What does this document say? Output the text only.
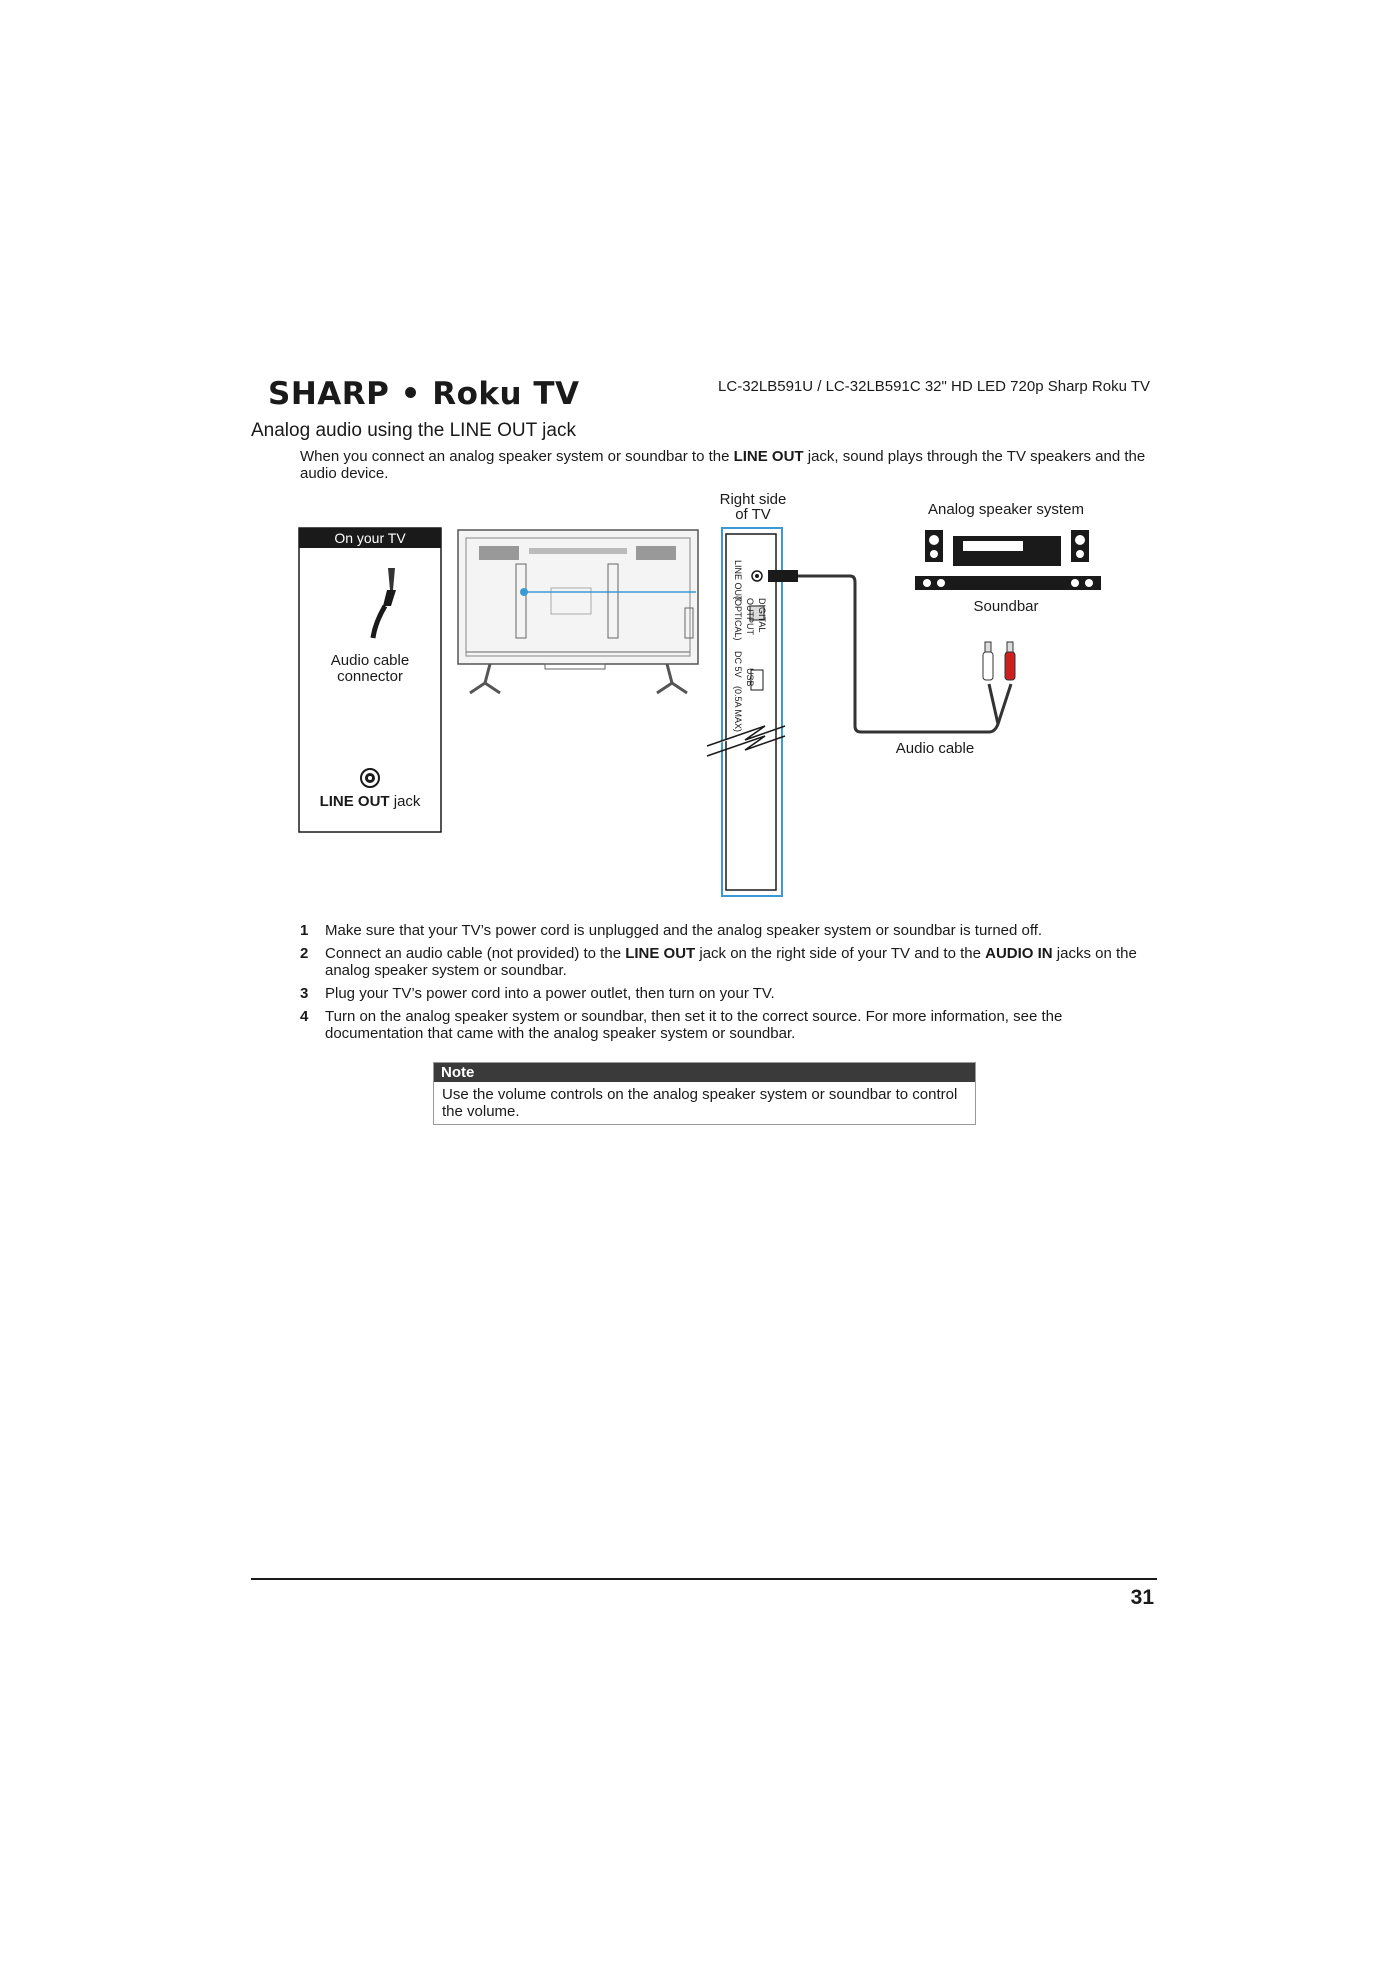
SHARP • Roku TV	LC-32LB591U / LC-32LB591C 32" HD LED 720p Sharp Roku TV
Analog audio using the LINE OUT jack
When you connect an analog speaker system or soundbar to the LINE OUT jack, sound plays through the TV speakers and the audio device.
On your TV
Audio cable
connector
LINE OUT jack
Right side
of TV
LINE OUT
DIGITAL
OUTPUT
(OPTICAL)
DC 5V USB
(0.5A MAX)
Audio cable
Analog speaker system
Soundbar
1	Make sure that your TV’s power cord is unplugged and the analog speaker system or soundbar is turned off.
2	Connect an audio cable (not provided) to the LINE OUT jack on the right side of your TV and to the AUDIO IN jacks on the analog speaker system or soundbar.
3	Plug your TV’s power cord into a power outlet, then turn on your TV.
4	Turn on the analog speaker system or soundbar, then set it to the correct source. For more information, see the documentation that came with the analog speaker system or soundbar.
Note
Use the volume controls on the analog speaker system or soundbar to control the volume.
31
